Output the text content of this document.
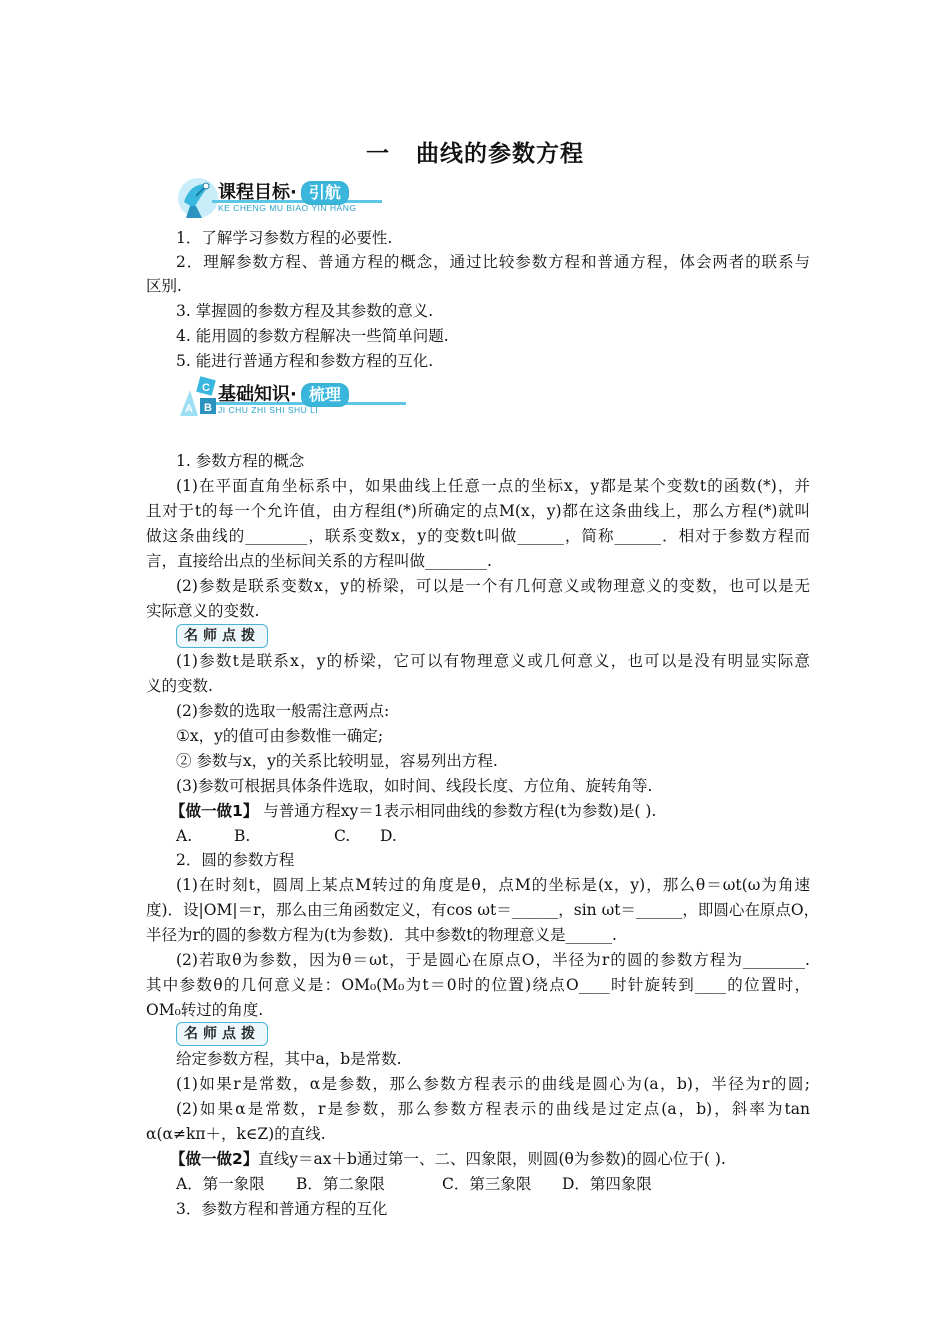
一 曲线的参数方程
课程目标· 引航
KE CHENG MU BIAO YIN HANG
1．了解学习参数方程的必要性.
2．理解参数方程、普通方程的概念，通过比较参数方程和普通方程，体会两者的联系与
区别.
3. 掌握圆的参数方程及其参数的意义.
4. 能用圆的参数方程解决一些简单问题.
5. 能进行普通方程和参数方程的互化.
C
B
A
基础知识· 梳理
JI CHU ZHI SHI SHU LI
1. 参数方程的概念
(1)在平面直角坐标系中，如果曲线上任意一点的坐标x，y都是某个变数t的函数(*)，并
且对于t的每一个允许值，由方程组(*)所确定的点M(x，y)都在这条曲线上，那么方程(*)就叫
做这条曲线的________，联系变数x，y的变数t叫做______，简称______．相对于参数方程而
言，直接给出点的坐标间关系的方程叫做________.
(2)参数是联系变数x，y的桥梁，可以是一个有几何意义或物理意义的变数，也可以是无
实际意义的变数.
名师点拨
(1)参数t是联系x，y的桥梁，它可以有物理意义或几何意义，也可以是没有明显实际意
义的变数.
(2)参数的选取一般需注意两点:
①x，y的值可由参数惟一确定;
② 参数与x，y的关系比较明显，容易列出方程.
(3)参数可根据具体条件选取，如时间、线段长度、方位角、旋转角等.
【做一做1】 与普通方程xy＝1表示相同曲线的参数方程(t为参数)是( ).
A.	B.	C. D.
2．圆的参数方程
(1)在时刻t，圆周上某点M转过的角度是θ，点M的坐标是(x，y)，那么θ＝ωt(ω为角速
度)．设|OM|＝r，那么由三角函数定义，有cos ωt＝______，sin ωt＝______，即圆心在原点O，
半径为r的圆的参数方程为(t为参数)．其中参数t的物理意义是______.
(2)若取θ为参数，因为θ＝ωt，于是圆心在原点O，半径为r的圆的参数方程为________.
其中参数θ的几何意义是：OM₀(M₀为t＝0时的位置)绕点O____时针旋转到____的位置时，
OM₀转过的角度.
名师点拨
给定参数方程，其中a，b是常数.
(1)如果r是常数，α是参数，那么参数方程表示的曲线是圆心为(a，b)，半径为r的圆;
(2)如果α是常数，r是参数，那么参数方程表示的曲线是过定点(a，b)，斜率为tan
α(α≠kπ＋，k∈Z)的直线.
【做一做2】直线y＝ax＋b通过第一、二、四象限，则圆(θ为参数)的圆心位于( ).
A．第一象限 B．第二象限	C．第三象限 D．第四象限
3．参数方程和普通方程的互化
